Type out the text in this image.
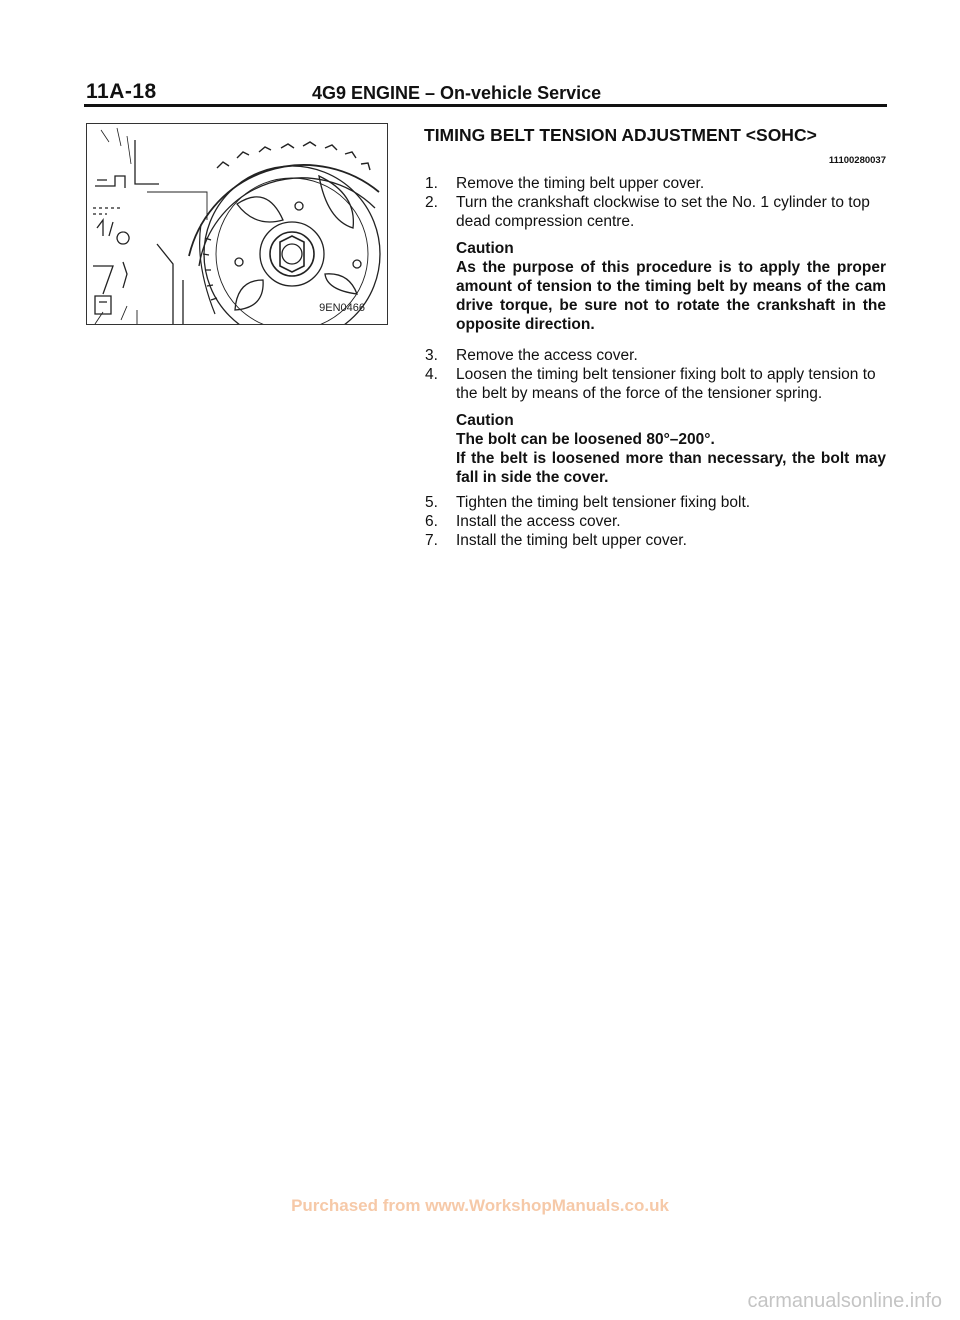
11A-18	4G9 ENGINE – On-vehicle Service
9EN0466

TIMING BELT TENSION ADJUSTMENT <SOHC>

11100280037

1. Remove the timing belt upper cover.

2. Turn the crankshaft clockwise to set the No. 1 cylinder to top dead compression centre.

Caution
As the purpose of this procedure is to apply the proper amount of tension to the timing belt by means of the cam drive torque, be sure not to rotate the crankshaft in the opposite direction.

3. Remove the access cover.

4. Loosen the timing belt tensioner fixing bolt to apply tension to the belt by means of the force of the tensioner spring.

Caution
The bolt can be loosened 80°–200°.
If the belt is loosened more than necessary, the bolt may fall in side the cover.

5. Tighten the timing belt tensioner fixing bolt.

6. Install the access cover.

7. Install the timing belt upper cover.

Purchased from www.WorkshopManuals.co.uk
carmanualsonline.info
